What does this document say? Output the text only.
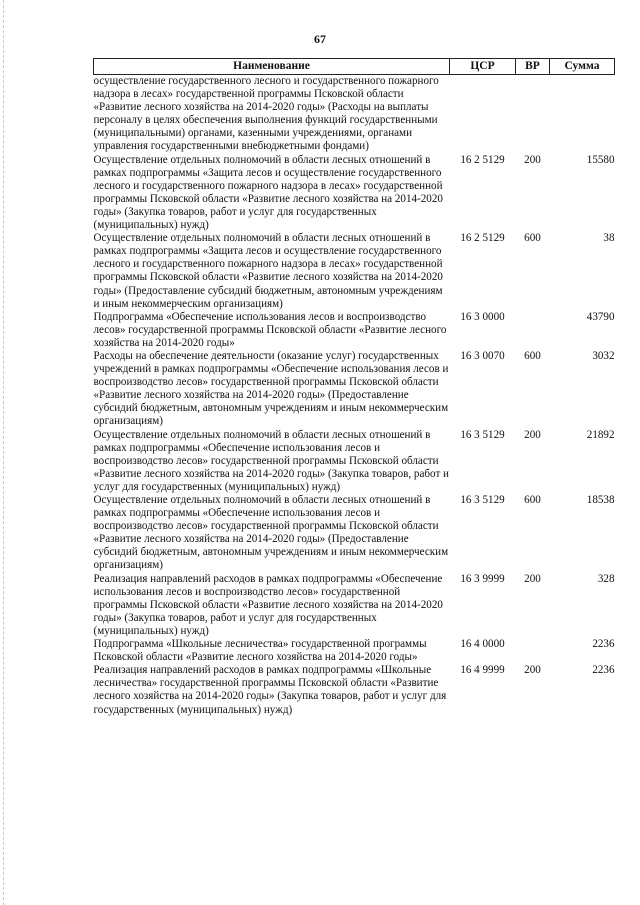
67
Наименование	ЦСР	ВР	Сумма
осуществление государственного лесного и государственного пожарного надзора в лесах» государственной программы Псковской области «Развитие лесного хозяйства на 2014-2020 годы» (Расходы на выплаты персоналу в целях обеспечения выполнения функций государственными (муниципальными) органами, казенными учреждениями, органами управления государственными внебюджетными фондами)			
Осуществление отдельных полномочий в области лесных отношений в рамках подпрограммы «Защита лесов и осуществление государственного лесного и государственного пожарного надзора в лесах» государственной программы Псковской области «Развитие лесного хозяйства на 2014-2020 годы» (Закупка товаров, работ и услуг для государственных (муниципальных) нужд)	16 2 5129	200	15580
Осуществление отдельных полномочий в области лесных отношений в рамках подпрограммы «Защита лесов и осуществление государственного лесного и государственного пожарного надзора в лесах» государственной программы Псковской области «Развитие лесного хозяйства на 2014-2020 годы» (Предоставление субсидий бюджетным, автономным учреждениям и иным некоммерческим организациям)	16 2 5129	600	38
Подпрограмма «Обеспечение использования лесов и воспроизводство лесов» государственной программы Псковской области «Развитие лесного хозяйства на 2014-2020 годы»	16 3 0000		43790
Расходы на обеспечение деятельности (оказание услуг) государственных учреждений в рамках подпрограммы «Обеспечение использования лесов и воспроизводство лесов» государственной программы Псковской области «Развитие лесного хозяйства на 2014-2020 годы» (Предоставление субсидий бюджетным, автономным учреждениям и иным некоммерческим организациям)	16 3 0070	600	3032
Осуществление отдельных полномочий в области лесных отношений в рамках подпрограммы «Обеспечение использования лесов и воспроизводство лесов» государственной программы Псковской области «Развитие лесного хозяйства на 2014-2020 годы» (Закупка товаров, работ и услуг для государственных (муниципальных) нужд)	16 3 5129	200	21892
Осуществление отдельных полномочий в области лесных отношений в рамках подпрограммы «Обеспечение использования лесов и воспроизводство лесов» государственной программы Псковской области «Развитие лесного хозяйства на 2014-2020 годы» (Предоставление субсидий бюджетным, автономным учреждениям и иным некоммерческим организациям)	16 3 5129	600	18538
Реализация направлений расходов в рамках подпрограммы «Обеспечение использования лесов и воспроизводство лесов» государственной программы Псковской области «Развитие лесного хозяйства на 2014-2020 годы» (Закупка товаров, работ и услуг для государственных (муниципальных) нужд)	16 3 9999	200	328
Подпрограмма «Школьные лесничества» государственной программы Псковской области «Развитие лесного хозяйства на 2014-2020 годы»	16 4 0000		2236
Реализация направлений расходов в рамках подпрограммы «Школьные лесничества» государственной программы Псковской области «Развитие лесного хозяйства на 2014-2020 годы» (Закупка товаров, работ и услуг для государственных (муниципальных) нужд)	16 4 9999	200	2236
